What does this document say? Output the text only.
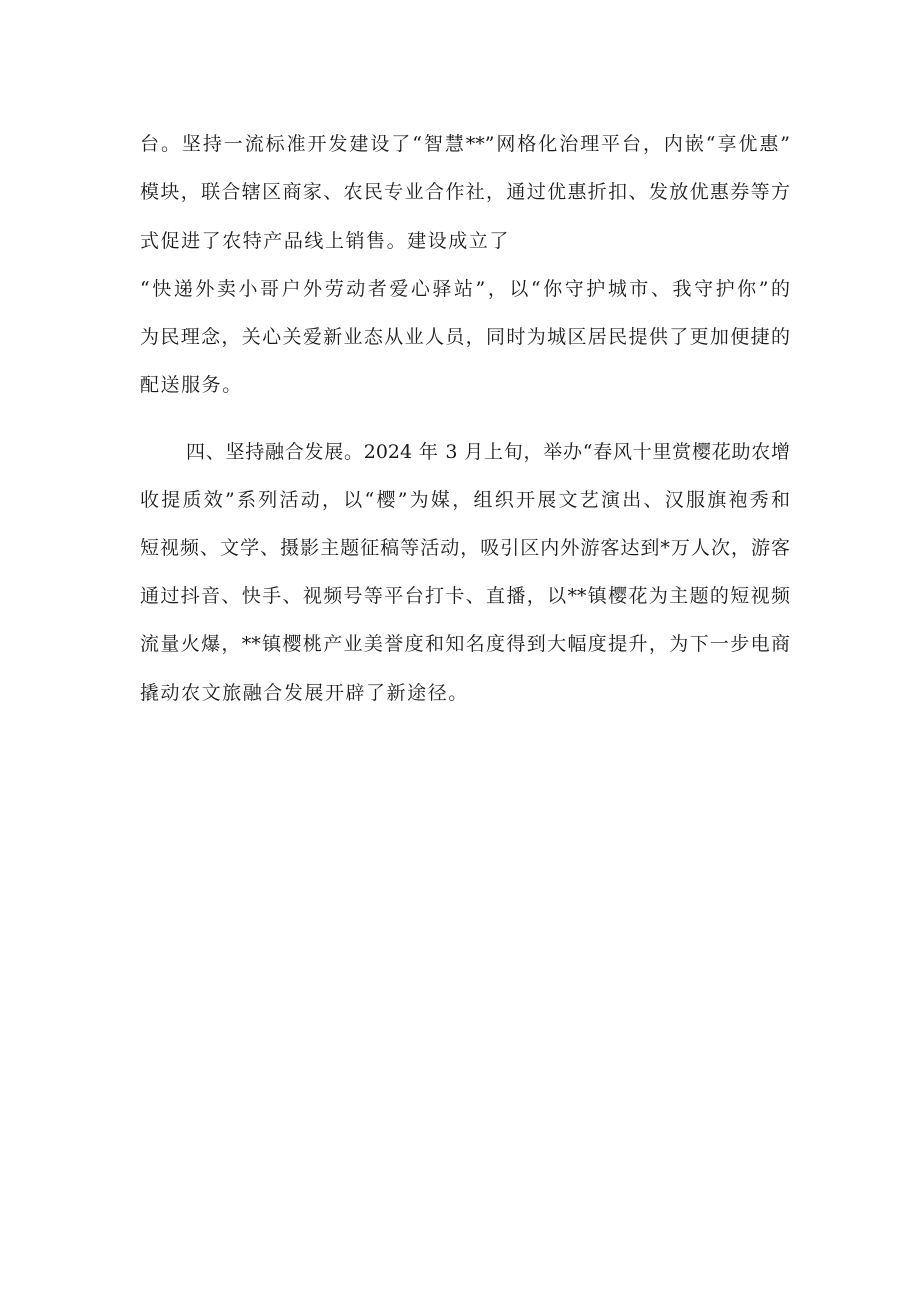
台。坚持一流标准开发建设了“智慧**”网格化治理平台，内嵌“享优惠”
模块，联合辖区商家、农民专业合作社，通过优惠折扣、发放优惠券等方
式促进了农特产品线上销售。建设成立了
“快递外卖小哥户外劳动者爱心驿站”，以“你守护城市、我守护你”的
为民理念，关心关爱新业态从业人员，同时为城区居民提供了更加便捷的
配送服务。
四、坚持融合发展。2024 年 3 月上旬，举办“春风十里赏樱花助农增
收提质效”系列活动，以“樱”为媒，组织开展文艺演出、汉服旗袍秀和
短视频、文学、摄影主题征稿等活动，吸引区内外游客达到*万人次，游客
通过抖音、快手、视频号等平台打卡、直播，以**镇樱花为主题的短视频
流量火爆，**镇樱桃产业美誉度和知名度得到大幅度提升，为下一步电商
撬动农文旅融合发展开辟了新途径。
